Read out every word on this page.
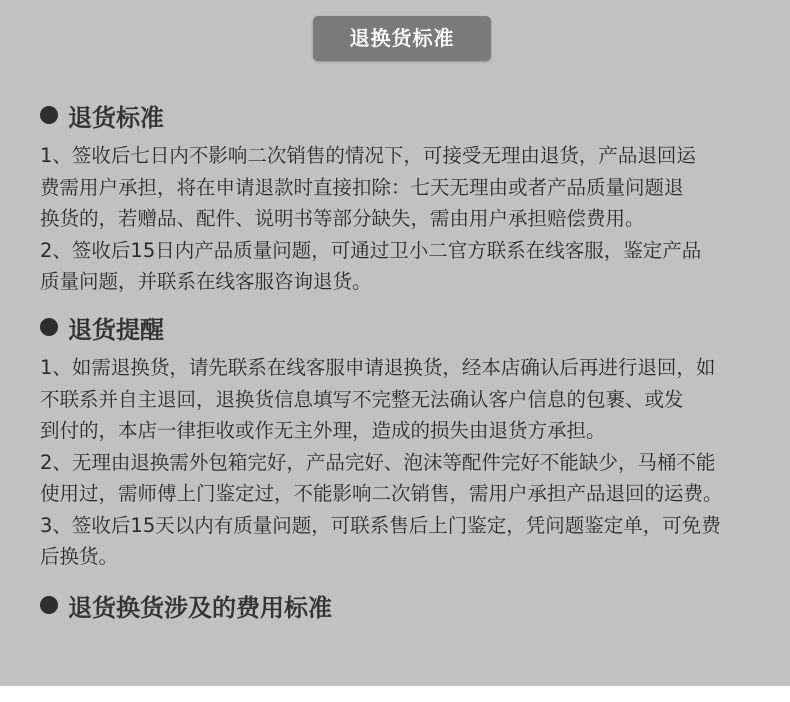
退换货标准
退货标准
1、签收后七日内不影响二次销售的情况下，可接受无理由退货，产品退回运
费需用户承担，将在申请退款时直接扣除：七天无理由或者产品质量问题退
换货的，若赠品、配件、说明书等部分缺失，需由用户承担赔偿费用。
2、签收后15日内产品质量问题，可通过卫小二官方联系在线客服，鉴定产品
质量问题，并联系在线客服咨询退货。
退货提醒
1、如需退换货，请先联系在线客服申请退换货，经本店确认后再进行退回，如
不联系并自主退回，退换货信息填写不完整无法确认客户信息的包裹、或发
到付的，本店一律拒收或作无主外理，造成的损失由退货方承担。
2、无理由退换需外包箱完好，产品完好、泡沫等配件完好不能缺少，马桶不能
使用过，需师傅上门鉴定过，不能影响二次销售，需用户承担产品退回的运费。
3、签收后15天以内有质量问题，可联系售后上门鉴定，凭问题鉴定单，可免费
后换货。
退货换货涉及的费用标准
